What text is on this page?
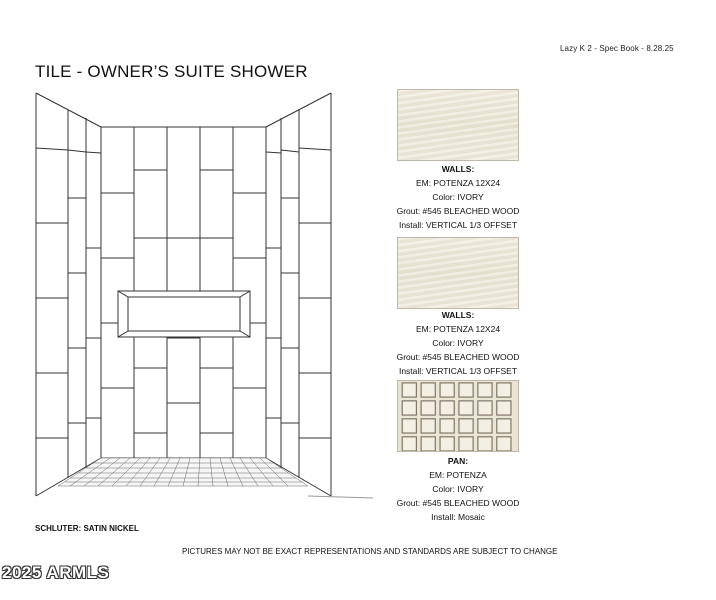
Lazy K 2 - Spec Book - 8.28.25
TILE - OWNER’S SUITE SHOWER
WALLS:
EM: POTENZA 12X24
Color: IVORY
Grout: #545 BLEACHED WOOD
Install: VERTICAL 1/3 OFFSET
WALLS:
EM: POTENZA 12X24
Color: IVORY
Grout: #545 BLEACHED WOOD
Install: VERTICAL 1/3 OFFSET
PAN:
EM: POTENZA
Color: IVORY
Grout: #545 BLEACHED WOOD
Install: Mosaic
SCHLUTER: SATIN NICKEL
PICTURES MAY NOT BE EXACT REPRESENTATIONS AND STANDARDS ARE SUBJECT TO CHANGE
2025 ARMLS
